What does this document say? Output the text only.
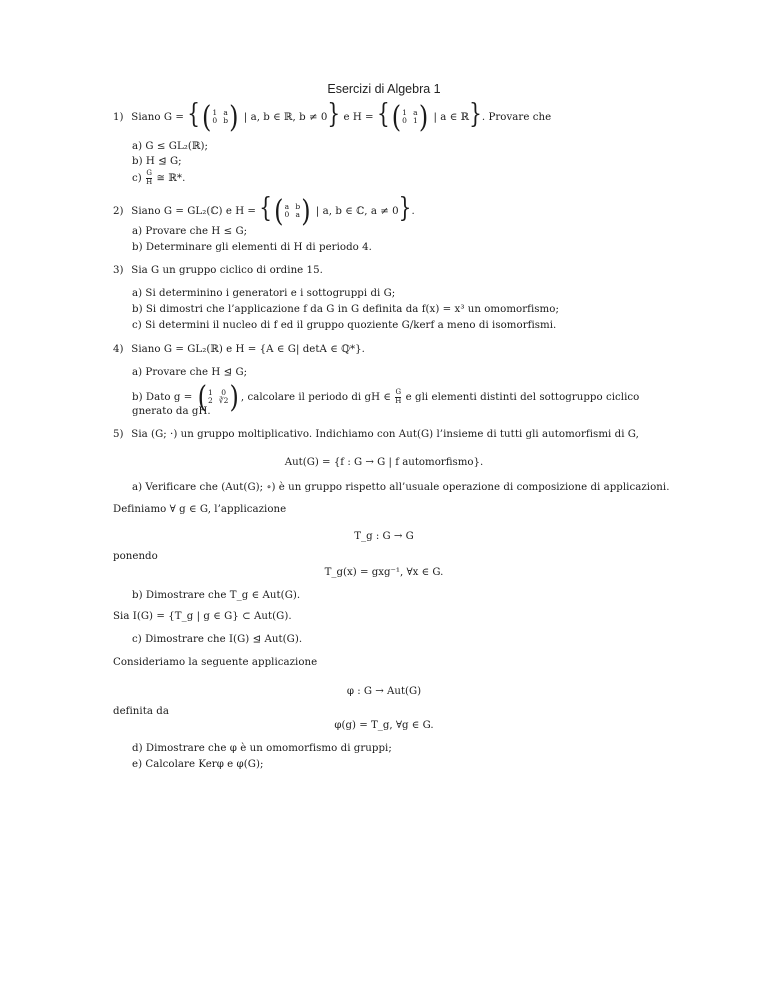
Esercizi di Algebra 1
1) Siano G = { ( 1 a
0 b ) | a, b ∈ ℝ, b ≠ 0} e H = { ( 1 a
0 1 ) | a ∈ ℝ}. Provare che
a) G ≤ GL₂(ℝ);
b) H ⊴ G;
$c) \frac{G}{H}$ ≅ ℝ*.
2) Siano G = GL₂(ℂ) e H = { ( a b
0 a ) | a, b ∈ ℂ, a ≠ 0}.
a) Provare che H ≤ G;
b) Determinare gli elementi di H di periodo 4.
3) Sia G un gruppo ciclico di ordine 15.
a) Si determinino i generatori e i sottogruppi di G;
b) Si dimostri che l’applicazione f da G in G definita da f(x) = x³ un omomorfismo;
c) Si determini il nucleo di f ed il gruppo quoziente G/kerf a meno di isomorfismi.
4) Siano G = GL₂(ℝ) e H = {A ∈ G| detA ∈ ℚ*}.
a) Provare che H ⊴ G;
b) Dato g = ( 1	0
2 ∛2 ) , calcolare il periodo di gH ∈ $\frac{G}{H}$ e gli elementi distinti del sottogruppo ciclico
gnerato da gH.
5) Sia (G; ·) un gruppo moltiplicativo. Indichiamo con Aut(G) l’insieme di tutti gli automorfismi di G,
Aut(G) = {f : G → G | f automorfismo}.
a) Verificare che (Aut(G); ∘) è un gruppo rispetto all’usuale operazione di composizione di applicazioni.
Definiamo ∀ g ∈ G, l’applicazione
T_g : G → G
ponendo
T_g(x) = gxg⁻¹, ∀x ∈ G.
b) Dimostrare che T_g ∈ Aut(G).
Sia I(G) = {T_g | g ∈ G} ⊂ Aut(G).
c) Dimostrare che I(G) ⊴ Aut(G).
Consideriamo la seguente applicazione
φ : G → Aut(G)
definita da
φ(g) = T_g, ∀g ∈ G.
d) Dimostrare che φ è un omomorfismo di gruppi;
e) Calcolare Kerφ e φ(G);
